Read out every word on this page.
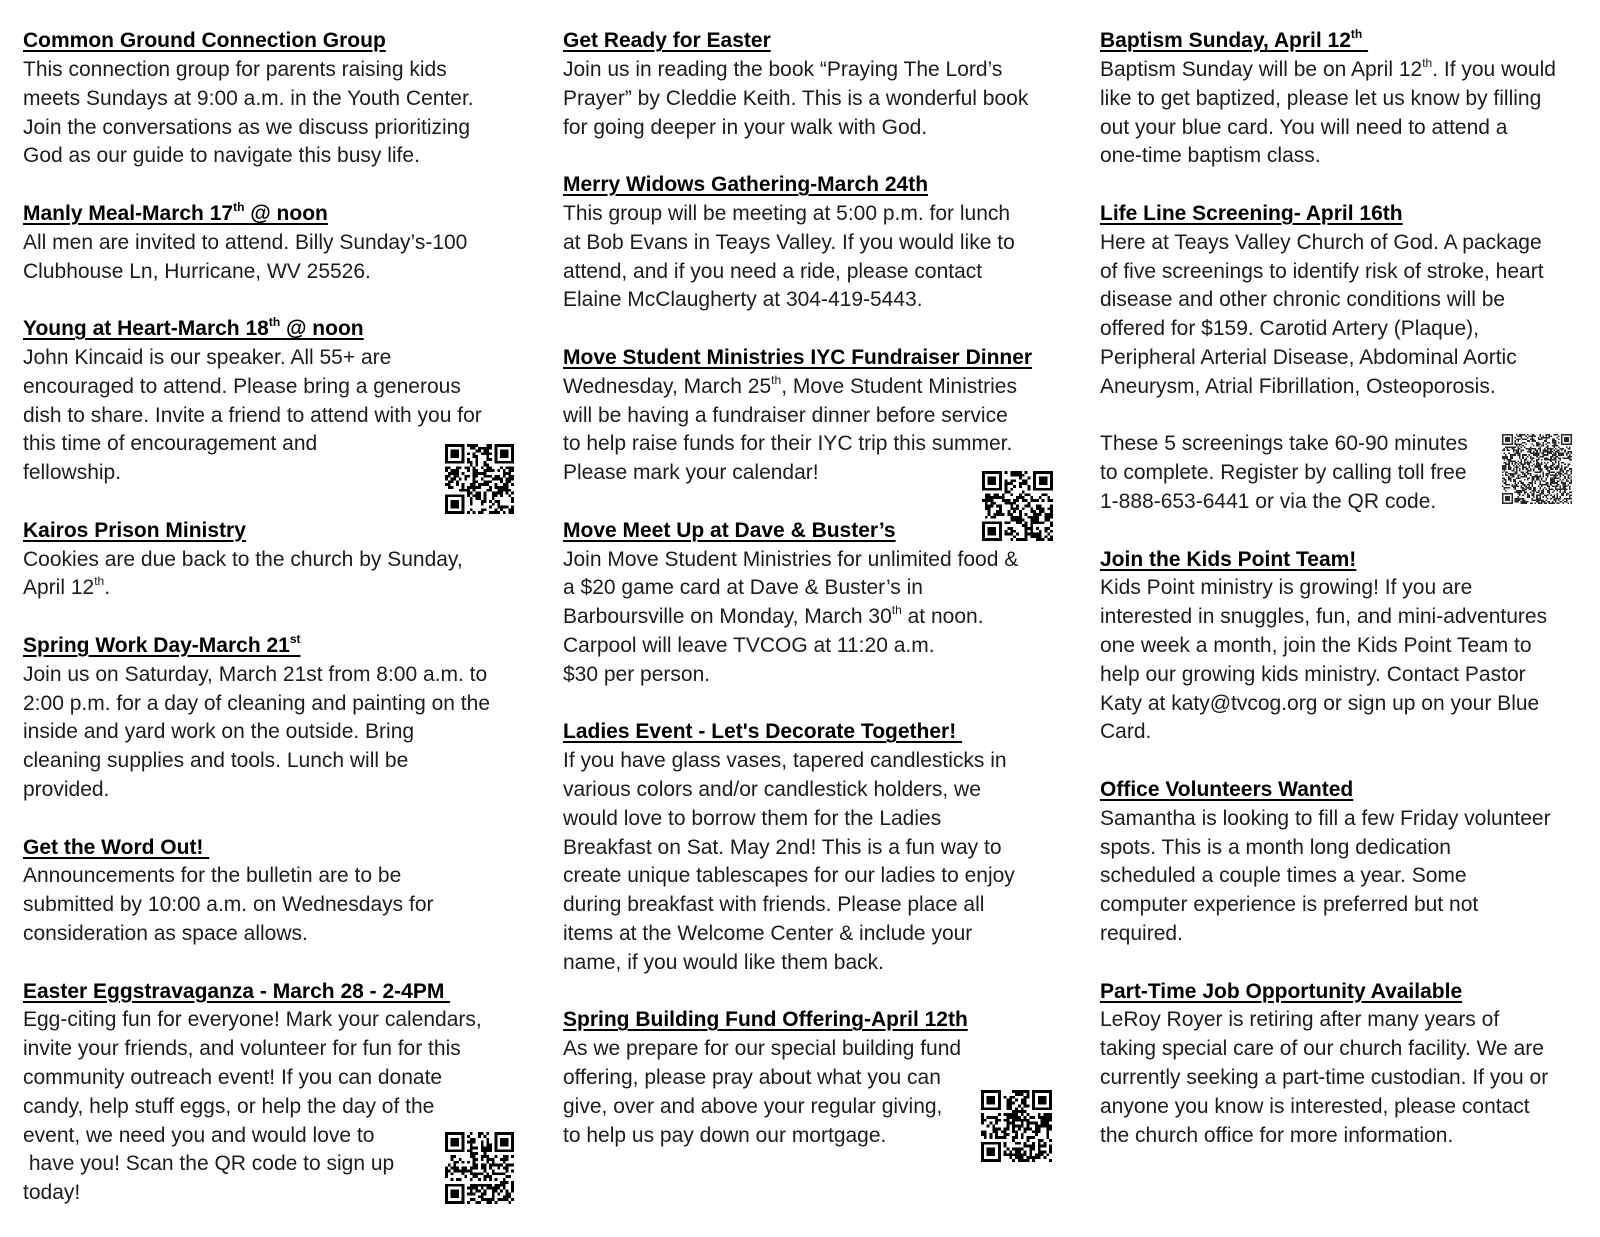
Common Ground Connection Group
This connection group for parents raising kids
meets Sundays at 9:00 a.m. in the Youth Center.
Join the conversations as we discuss prioritizing
God as our guide to navigate this busy life.
Manly Meal-March 17th @ noon
All men are invited to attend. Billy Sunday’s-100
Clubhouse Ln, Hurricane, WV 25526.
Young at Heart-March 18th @ noon
John Kincaid is our speaker. All 55+ are
encouraged to attend. Please bring a generous
dish to share. Invite a friend to attend with you for
this time of encouragement and
fellowship.
Kairos Prison Ministry
Cookies are due back to the church by Sunday,
April 12th.
Spring Work Day-March 21st
Join us on Saturday, March 21st from 8:00 a.m. to
2:00 p.m. for a day of cleaning and painting on the
inside and yard work on the outside. Bring
cleaning supplies and tools. Lunch will be
provided.
Get the Word Out!
Announcements for the bulletin are to be
submitted by 10:00 a.m. on Wednesdays for
consideration as space allows.
Easter Eggstravaganza - March 28 - 2-4PM
Egg-citing fun for everyone! Mark your calendars,
invite your friends, and volunteer for fun for this
community outreach event! If you can donate
candy, help stuff eggs, or help the day of the
event, we need you and would love to
have you! Scan the QR code to sign up
today!
Get Ready for Easter
Join us in reading the book “Praying The Lord’s
Prayer” by Cleddie Keith. This is a wonderful book
for going deeper in your walk with God.
Merry Widows Gathering-March 24th
This group will be meeting at 5:00 p.m. for lunch
at Bob Evans in Teays Valley. If you would like to
attend, and if you need a ride, please contact
Elaine McClaugherty at 304-419-5443.
Move Student Ministries IYC Fundraiser Dinner
Wednesday, March 25th, Move Student Ministries
will be having a fundraiser dinner before service
to help raise funds for their IYC trip this summer.
Please mark your calendar!
Move Meet Up at Dave & Buster’s
Join Move Student Ministries for unlimited food &
a $20 game card at Dave & Buster’s in
Barboursville on Monday, March 30th at noon.
Carpool will leave TVCOG at 11:20 a.m.
$30 per person.
Ladies Event - Let's Decorate Together!
If you have glass vases, tapered candlesticks in
various colors and/or candlestick holders, we
would love to borrow them for the Ladies
Breakfast on Sat. May 2nd! This is a fun way to
create unique tablescapes for our ladies to enjoy
during breakfast with friends. Please place all
items at the Welcome Center & include your
name, if you would like them back.
Spring Building Fund Offering-April 12th
As we prepare for our special building fund
offering, please pray about what you can
give, over and above your regular giving,
to help us pay down our mortgage.
Baptism Sunday, April 12th
Baptism Sunday will be on April 12th. If you would
like to get baptized, please let us know by filling
out your blue card. You will need to attend a
one-time baptism class.
Life Line Screening- April 16th
Here at Teays Valley Church of God. A package
of five screenings to identify risk of stroke, heart
disease and other chronic conditions will be
offered for $159. Carotid Artery (Plaque),
Peripheral Arterial Disease, Abdominal Aortic
Aneurysm, Atrial Fibrillation, Osteoporosis.
These 5 screenings take 60-90 minutes
to complete. Register by calling toll free
1-888-653-6441 or via the QR code.
Join the Kids Point Team!
Kids Point ministry is growing! If you are
interested in snuggles, fun, and mini-adventures
one week a month, join the Kids Point Team to
help our growing kids ministry. Contact Pastor
Katy at katy@tvcog.org or sign up on your Blue
Card.
Office Volunteers Wanted
Samantha is looking to fill a few Friday volunteer
spots. This is a month long dedication
scheduled a couple times a year. Some
computer experience is preferred but not
required.
Part-Time Job Opportunity Available
LeRoy Royer is retiring after many years of
taking special care of our church facility. We are
currently seeking a part-time custodian. If you or
anyone you know is interested, please contact
the church office for more information.
